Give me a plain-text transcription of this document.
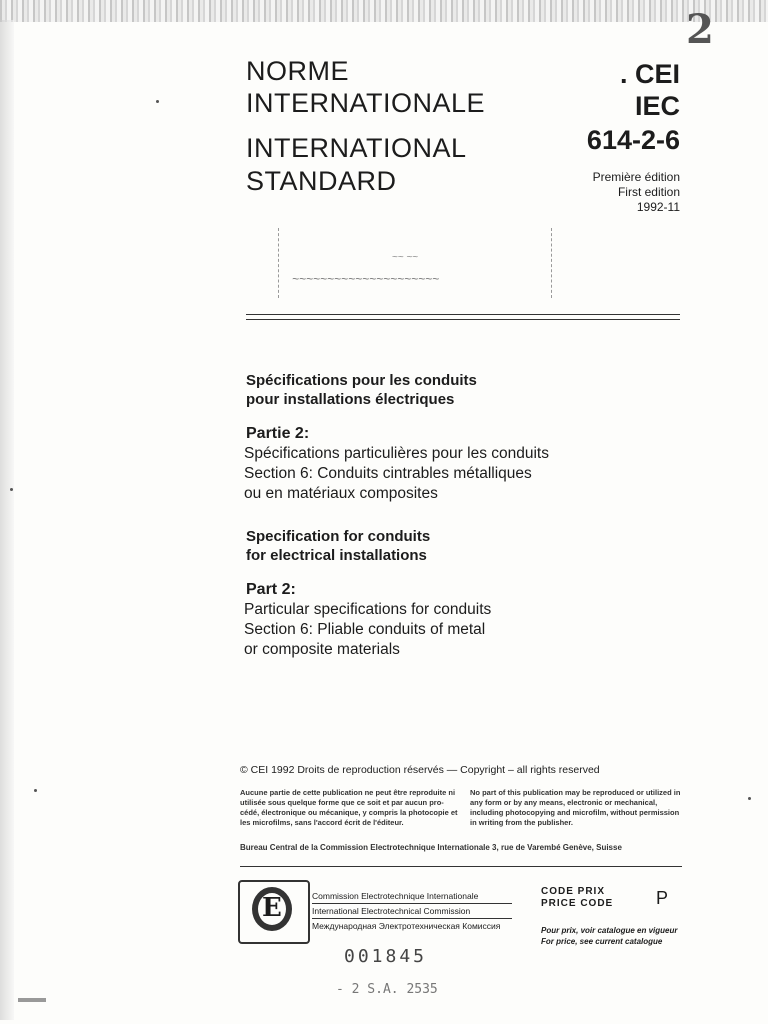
2
NORME
INTERNATIONALE
INTERNATIONAL
STANDARD
. CEI
IEC
614-2-6
Première édition
First edition
1992-11
~~ ~~
~~~~~~~~~~~~~~~~~~~~~
Spécifications pour les conduits
pour installations électriques
Partie 2:
Spécifications particulières pour les conduits
Section 6: Conduits cintrables métalliques
ou en matériaux composites
Specification for conduits
for electrical installations
Part 2:
Particular specifications for conduits
Section 6: Pliable conduits of metal
or composite materials
© CEI 1992 Droits de reproduction réservés — Copyright – all rights reserved
Aucune partie de cette publication ne peut être reproduite ni
utilisée sous quelque forme que ce soit et par aucun pro-
cédé, électronique ou mécanique, y compris la photocopie et
les microfilms, sans l'accord écrit de l'éditeur.
No part of this publication may be reproduced or utilized in
any form or by any means, electronic or mechanical,
including photocopying and microfilm, without permission
in writing from the publisher.
Bureau Central de la Commission Electrotechnique Internationale 3, rue de Varembé Genève, Suisse
E	Commission Electrotechnique Internationale
International Electrotechnical Commission
Международная Электротехническая Комиссия
CODE PRIX
PRICE CODE P
Pour prix, voir catalogue en vigueur
For price, see current catalogue
001845
- 2 S.A. 2535
